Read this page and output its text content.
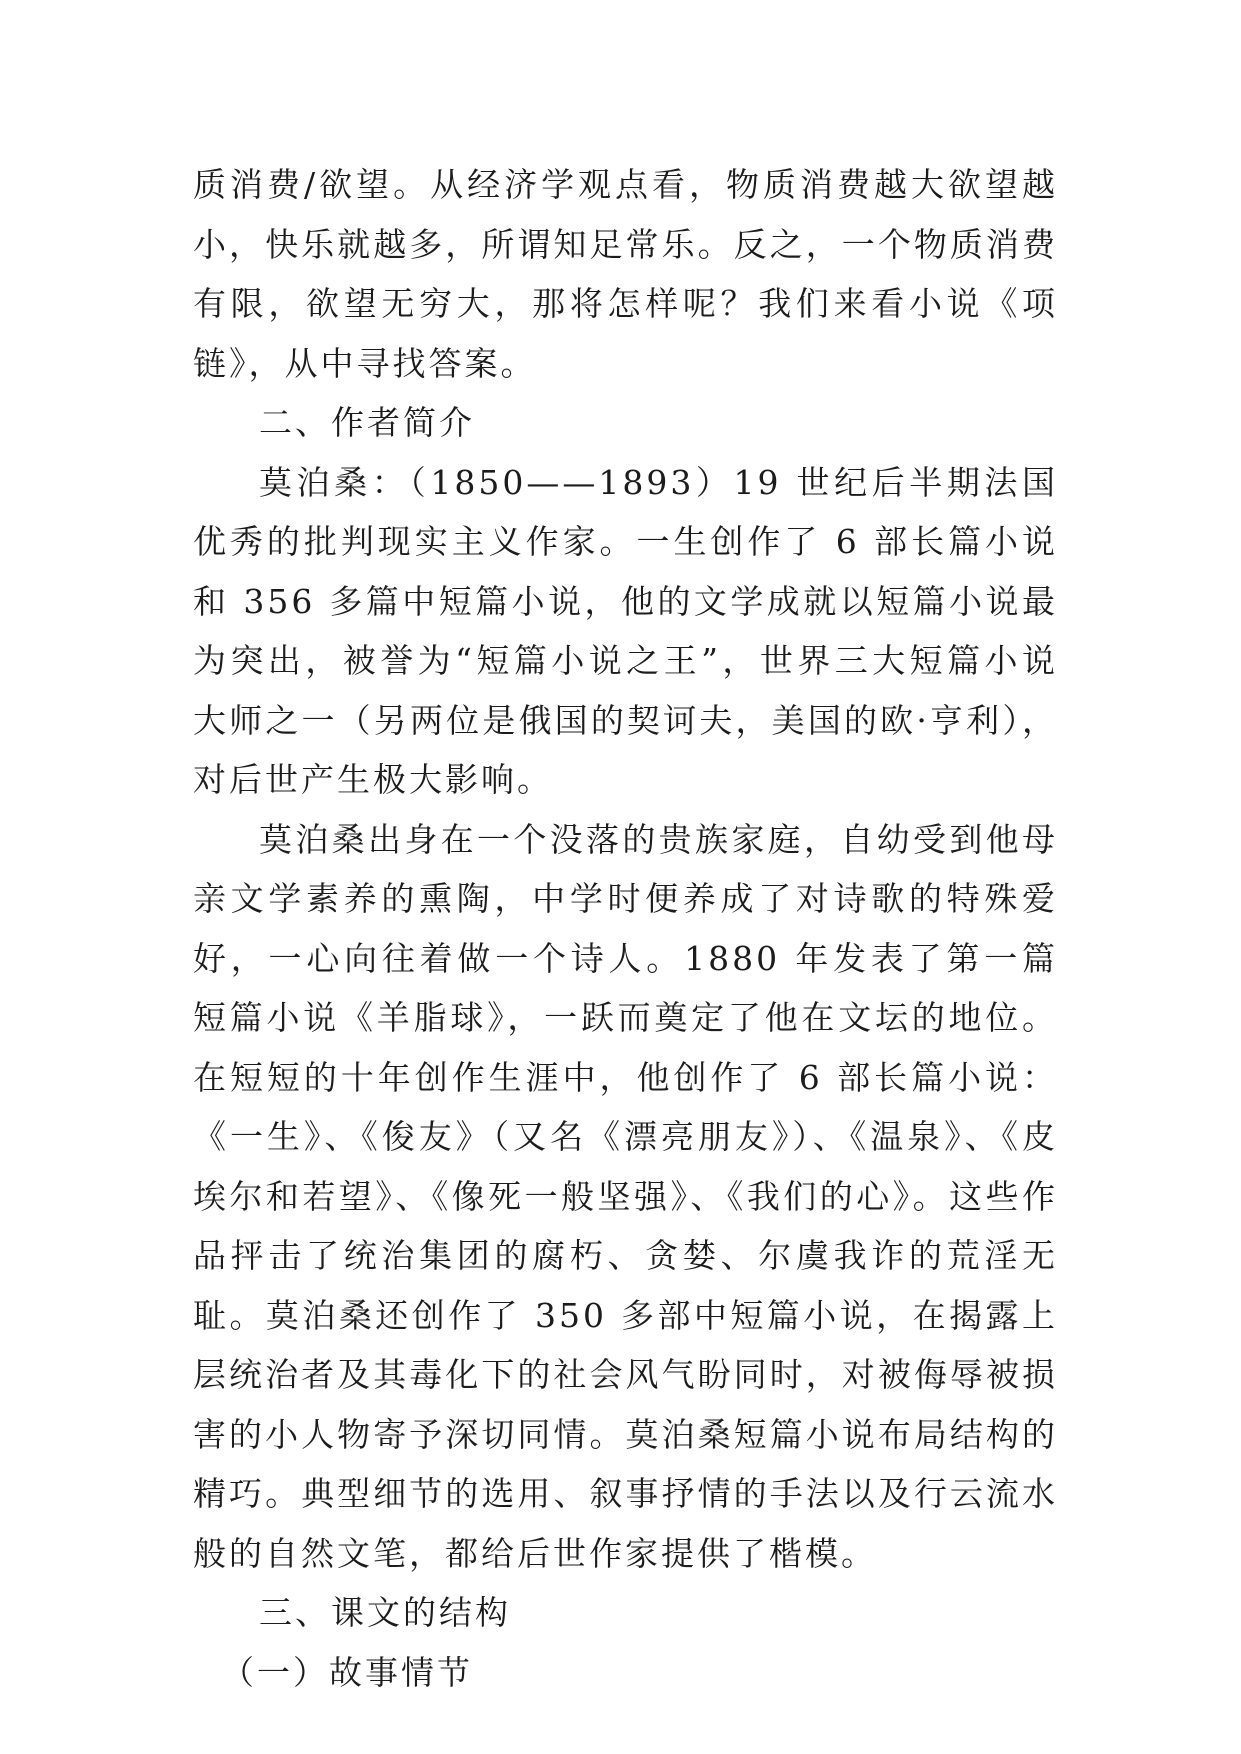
质消费/欲望。从经济学观点看，物质消费越大欲望越小，快乐就越多，所谓知足常乐。反之，一个物质消费有限，欲望无穷大，那将怎样呢？我们来看小说《项链》，从中寻找答案。

二、作者简介

莫泊桑：（1850——1893）19 世纪后半期法国优秀的批判现实主义作家。一生创作了 6 部长篇小说和 356 多篇中短篇小说，他的文学成就以短篇小说最为突出，被誉为“短篇小说之王”，世界三大短篇小说大师之一（另两位是俄国的契诃夫，美国的欧·亨利），对后世产生极大影响。

莫泊桑出身在一个没落的贵族家庭，自幼受到他母亲文学素养的熏陶，中学时便养成了对诗歌的特殊爱好，一心向往着做一个诗人。1880 年发表了第一篇短篇小说《羊脂球》，一跃而奠定了他在文坛的地位。在短短的十年创作生涯中，他创作了 6 部长篇小说：《一生》、《俊友》（又名《漂亮朋友》）、《温泉》、《皮埃尔和若望》、《像死一般坚强》、《我们的心》。这些作品抨击了统治集团的腐朽、贪婪、尔虞我诈的荒淫无耻。莫泊桑还创作了 350 多部中短篇小说，在揭露上层统治者及其毒化下的社会风气盼同时，对被侮辱被损害的小人物寄予深切同情。莫泊桑短篇小说布局结构的精巧。典型细节的选用、叙事抒情的手法以及行云流水般的自然文笔，都给后世作家提供了楷模。

三、课文的结构

（一）故事情节
